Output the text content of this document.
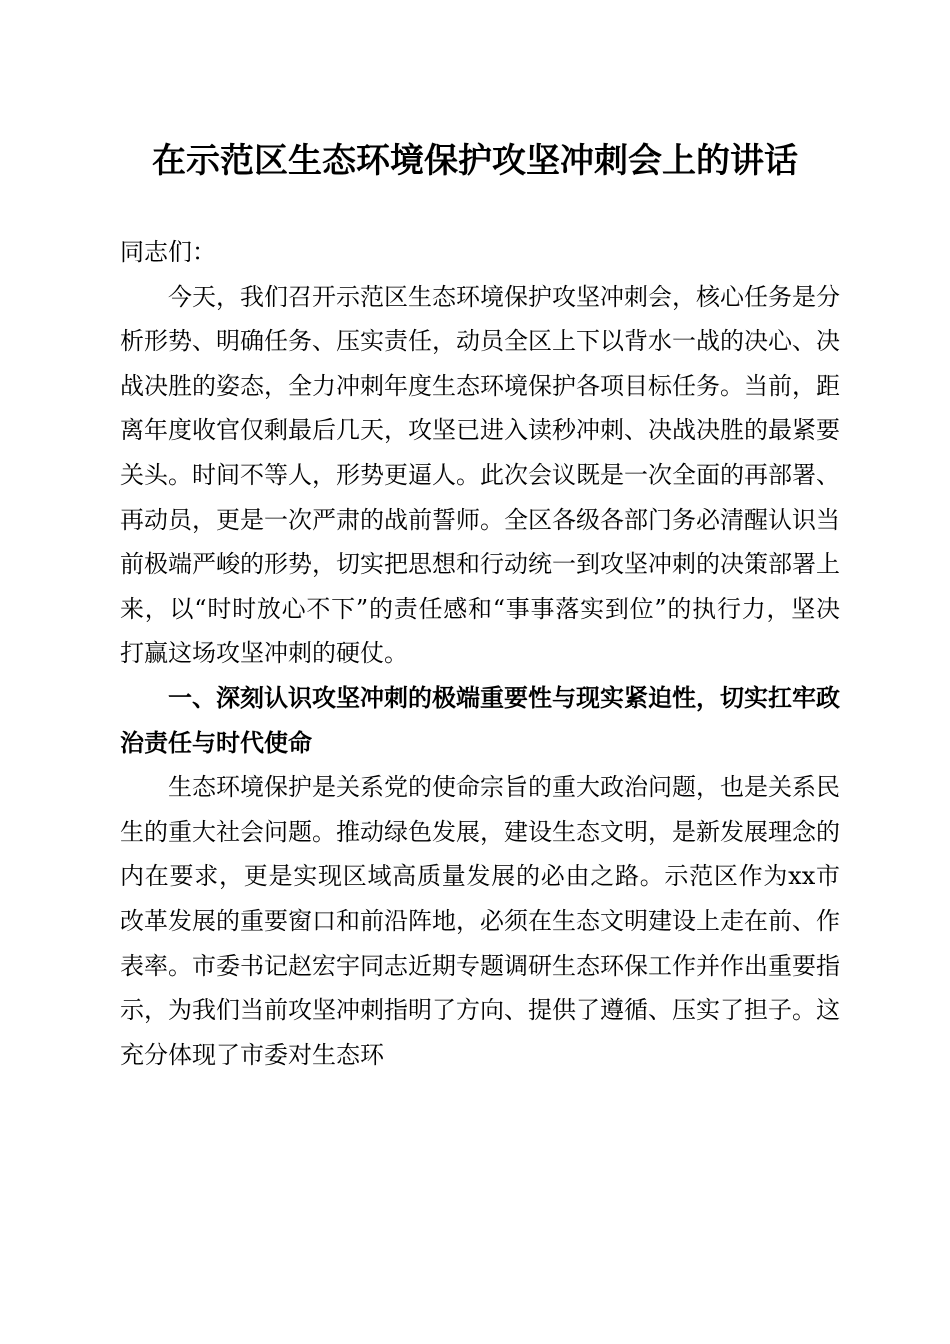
在示范区生态环境保护攻坚冲刺会上的讲话

同志们：

今天，我们召开示范区生态环境保护攻坚冲刺会，核心任务是分析形势、明确任务、压实责任，动员全区上下以背水一战的决心、决战决胜的姿态，全力冲刺年度生态环境保护各项目标任务。当前，距离年度收官仅剩最后几天，攻坚已进入读秒冲刺、决战决胜的最紧要关头。时间不等人，形势更逼人。此次会议既是一次全面的再部署、再动员，更是一次严肃的战前誓师。全区各级各部门务必清醒认识当前极端严峻的形势，切实把思想和行动统一到攻坚冲刺的决策部署上来，以“时时放心不下”的责任感和“事事落实到位”的执行力，坚决打赢这场攻坚冲刺的硬仗。

一、深刻认识攻坚冲刺的极端重要性与现实紧迫性，切实扛牢政治责任与时代使命

生态环境保护是关系党的使命宗旨的重大政治问题，也是关系民生的重大社会问题。推动绿色发展，建设生态文明，是新发展理念的内在要求，更是实现区域高质量发展的必由之路。示范区作为xx市改革发展的重要窗口和前沿阵地，必须在生态文明建设上走在前、作表率。市委书记赵宏宇同志近期专题调研生态环保工作并作出重要指示，为我们当前攻坚冲刺指明了方向、提供了遵循、压实了担子。这充分体现了市委对生态环
